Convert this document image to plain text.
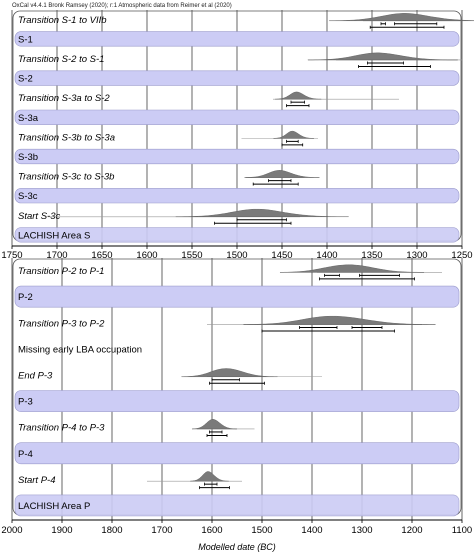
OxCal v4.4.1 Bronk Ramsey (2020); r:1 Atmospheric data from Reimer et al (2020)
1750	1700	1650	1600	1550	1500	1450	1400	1350	1300	1250
Transition S-1 to VIIb
S-1
Transition S-2 to S-1
S-2
Transition S-3a to S-2
S-3a
Transition S-3b to S-3a
S-3b
Transition S-3c to S-3b
S-3c
Start S-3c
LACHISH Area S
2000	1900	1800	1700	1600	1500	1400	1300	1200	1100
Transition P-2 to P-1
P-2
Transition P-3 to P-2
Missing early LBA occupation
End P-3
P-3
Transition P-4 to P-3
P-4
Start P-4
LACHISH Area P
Modelled date (BC)
